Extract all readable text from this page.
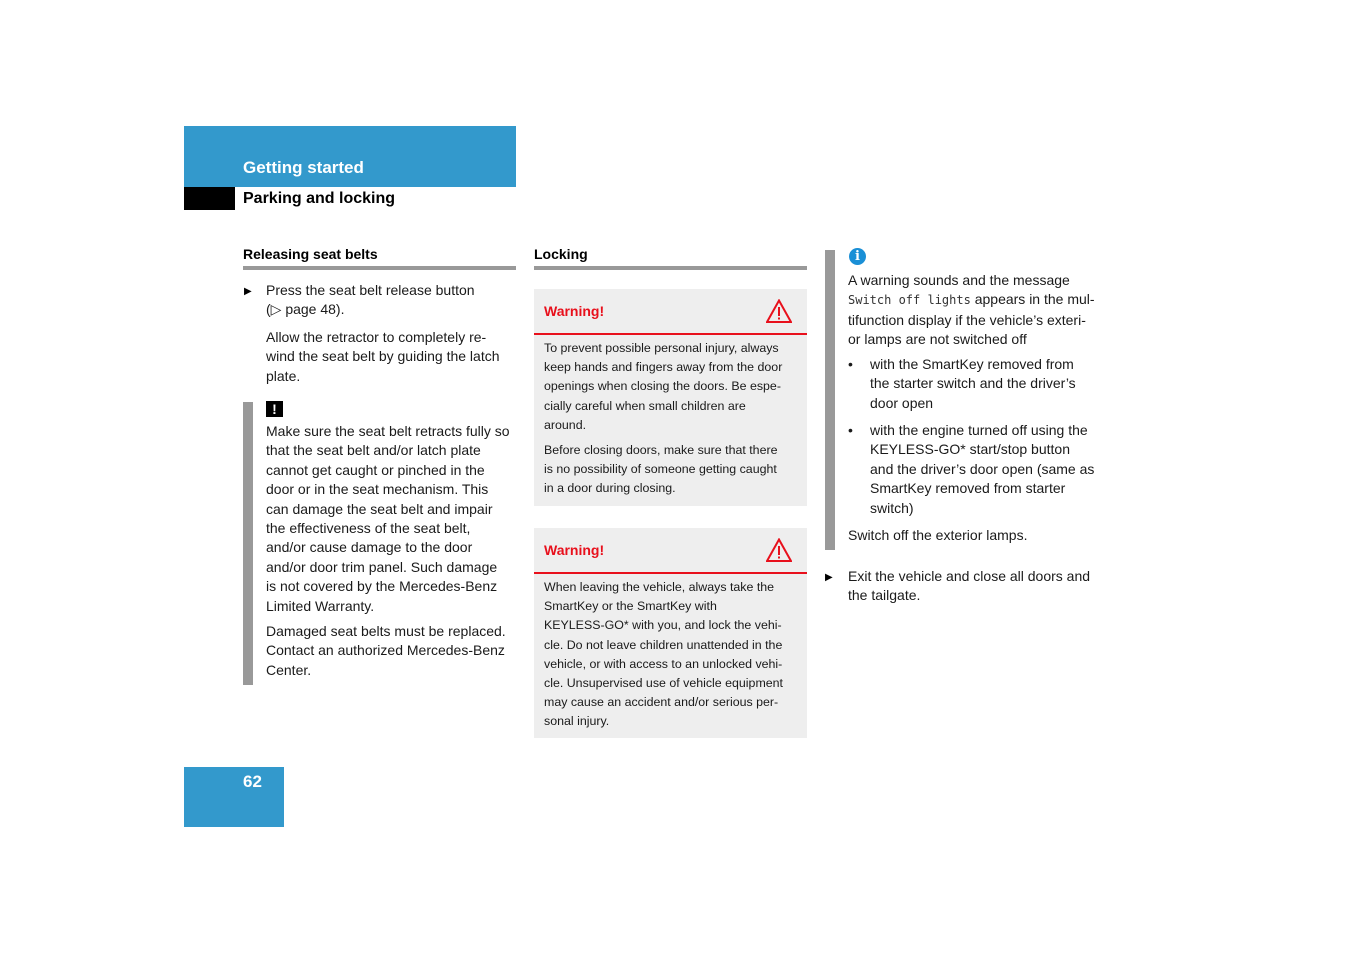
Getting started
Parking and locking
Releasing seat belts
▶ Press the seat belt release button
(▷ page 48).
Allow the retractor to completely re-
wind the seat belt by guiding the latch
plate.
!
Make sure the seat belt retracts fully so
that the seat belt and/or latch plate
cannot get caught or pinched in the
door or in the seat mechanism. This
can damage the seat belt and impair
the effectiveness of the seat belt,
and/or cause damage to the door
and/or door trim panel. Such damage
is not covered by the Mercedes-Benz
Limited Warranty.
Damaged seat belts must be replaced.
Contact an authorized Mercedes-Benz
Center.
Locking
Warning!

To prevent possible personal injury, always
keep hands and fingers away from the door
openings when closing the doors. Be espe-
cially careful when small children are
around.

Before closing doors, make sure that there
is no possibility of someone getting caught
in a door during closing.

Warning!

When leaving the vehicle, always take the
SmartKey or the SmartKey with
KEYLESS-GO* with you, and lock the vehi-
cle. Do not leave children unattended in the
vehicle, or with access to an unlocked vehi-
cle. Unsupervised use of vehicle equipment
may cause an accident and/or serious per-
sonal injury.

i
A warning sounds and the message
Switch off lights appears in the mul-
tifunction display if the vehicle’s exteri-
or lamps are not switched off
• with the SmartKey removed from
the starter switch and the driver’s
door open
• with the engine turned off using the
KEYLESS-GO* start/stop button
and the driver’s door open (same as
SmartKey removed from starter
switch)
Switch off the exterior lamps.
▶ Exit the vehicle and close all doors and
the tailgate.
62
